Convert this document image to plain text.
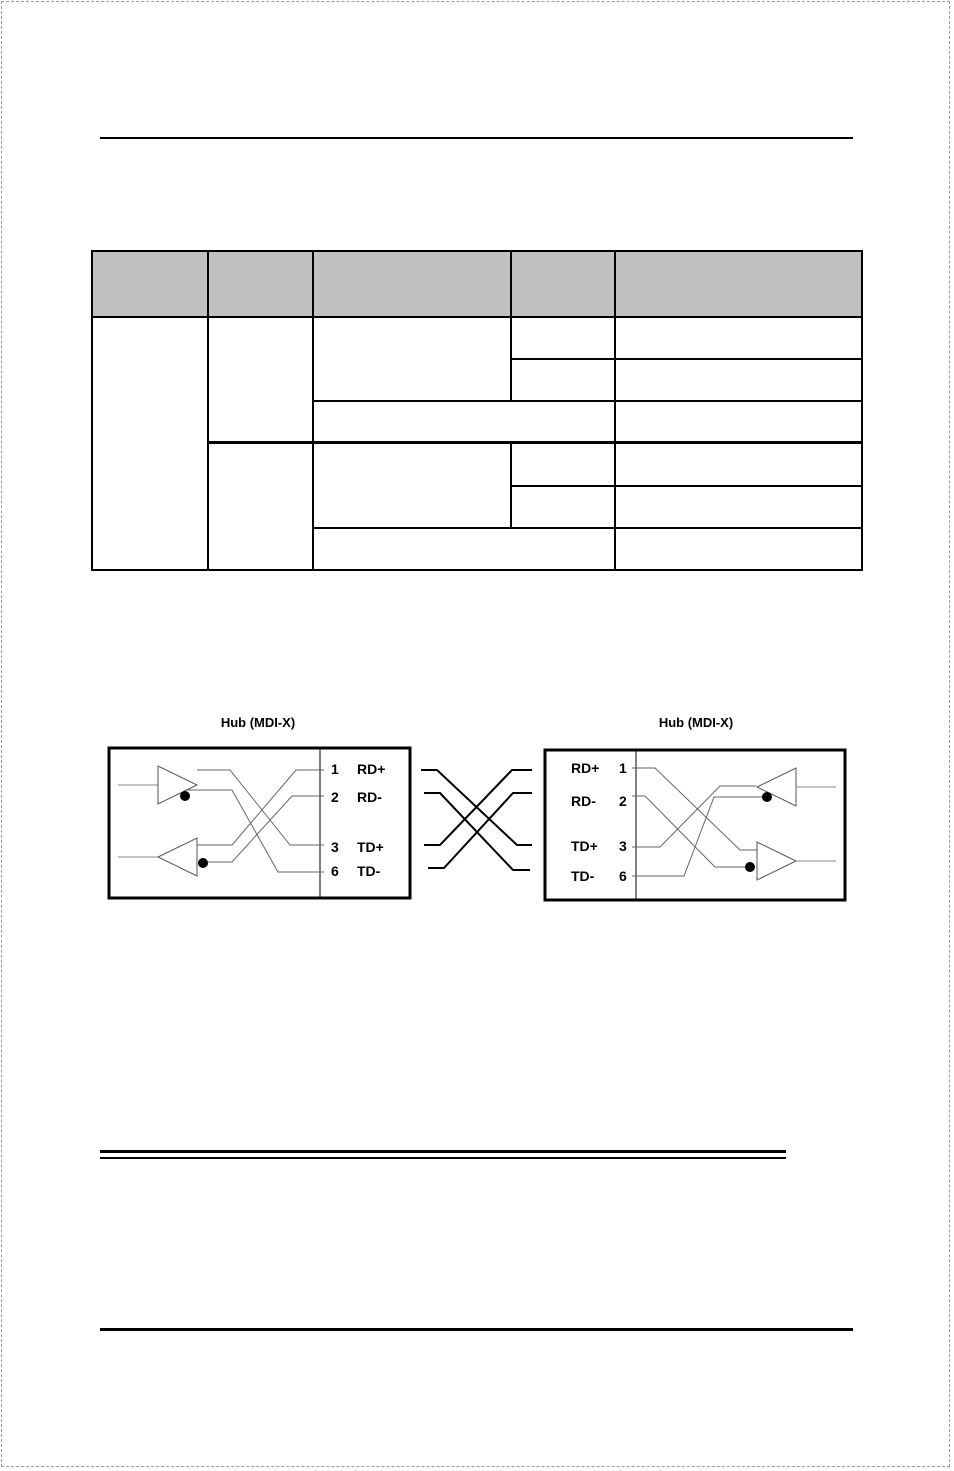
Hub (MDI-X)	Hub (MDI-X)
1 RD+
2 RD-
3 TD+
6 TD-
RD+ 1
RD- 2
TD+ 3
TD- 6
